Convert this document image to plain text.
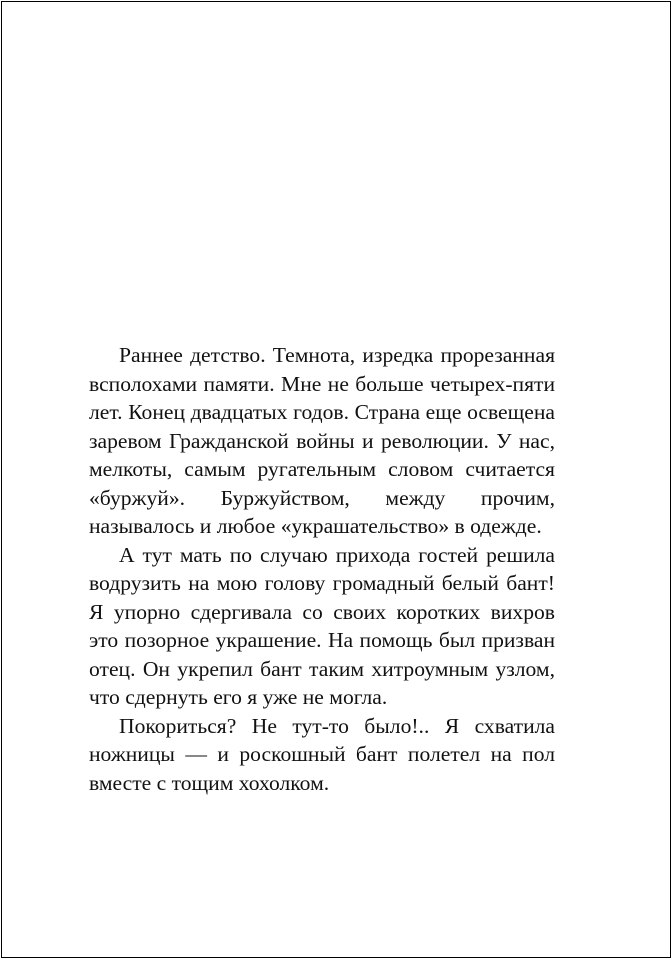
Раннее детство. Темнота, изредка прорезанная всполохами памяти. Мне не больше четырех-пяти лет. Конец двадцатых годов. Страна еще освещена заревом Гражданской войны и революции. У нас, мелкоты, самым ругательным словом считается «буржуй». Буржуйством, между прочим, называлось и любое «украшательство» в одежде.

А тут мать по случаю прихода гостей решила водрузить на мою голову громадный белый бант! Я упорно сдергивала со своих коротких вихров это позорное украшение. На помощь был призван отец. Он укрепил бант таким хитроумным узлом, что сдернуть его я уже не могла.

Покориться? Не тут-то было!.. Я схватила ножницы — и роскошный бант полетел на пол вместе с тощим хохолком.
